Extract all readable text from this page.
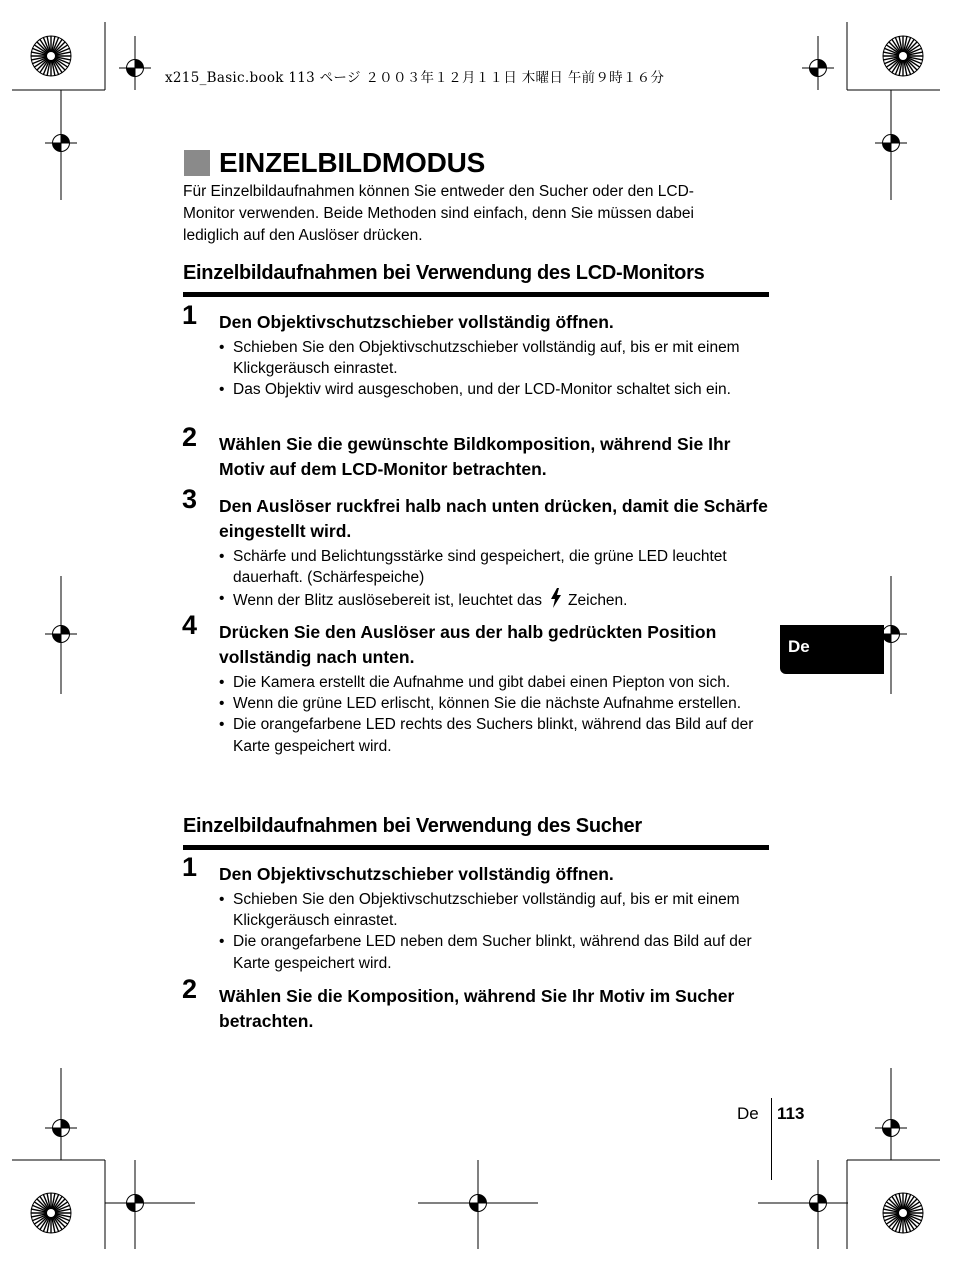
x215_Basic.book 113 ページ ２００３年１２月１１日 木曜日 午前９時１６分
EINZELBILDMODUS

Für Einzelbildaufnahmen können Sie entweder den Sucher oder den LCD-

Monitor verwenden. Beide Methoden sind einfach, denn Sie müssen dabei

lediglich auf den Auslöser drücken.

Einzelbildaufnahmen bei Verwendung des LCD-Monitors
1 Den Objektivschutzschieber vollständig öffnen.
• Schieben Sie den Objektivschutzschieber vollständig auf, bis er mit einem Klickgeräusch einrastet.
• Das Objektiv wird ausgeschoben, und der LCD-Monitor schaltet sich ein.
2 Wählen Sie die gewünschte Bildkomposition, während Sie Ihr Motiv auf dem LCD-Monitor betrachten.
3 Den Auslöser ruckfrei halb nach unten drücken, damit die Schärfe eingestellt wird.
• Schärfe und Belichtungsstärke sind gespeichert, die grüne LED leuchtet dauerhaft. (Schärfespeiche)
• Wenn der Blitz auslösebereit ist, leuchtet das Zeichen.
4 Drücken Sie den Auslöser aus der halb gedrückten Position vollständig nach unten.
• Die Kamera erstellt die Aufnahme und gibt dabei einen Piepton von sich.
• Wenn die grüne LED erlischt, können Sie die nächste Aufnahme erstellen.
• Die orangefarbene LED rechts des Suchers blinkt, während das Bild auf der Karte gespeichert wird.
Einzelbildaufnahmen bei Verwendung des Sucher
1 Den Objektivschutzschieber vollständig öffnen.
• Schieben Sie den Objektivschutzschieber vollständig auf, bis er mit einem Klickgeräusch einrastet.
• Die orangefarbene LED neben dem Sucher blinkt, während das Bild auf der Karte gespeichert wird.
2 Wählen Sie die Komposition, während Sie Ihr Motiv im Sucher betrachten.
De
De 113
